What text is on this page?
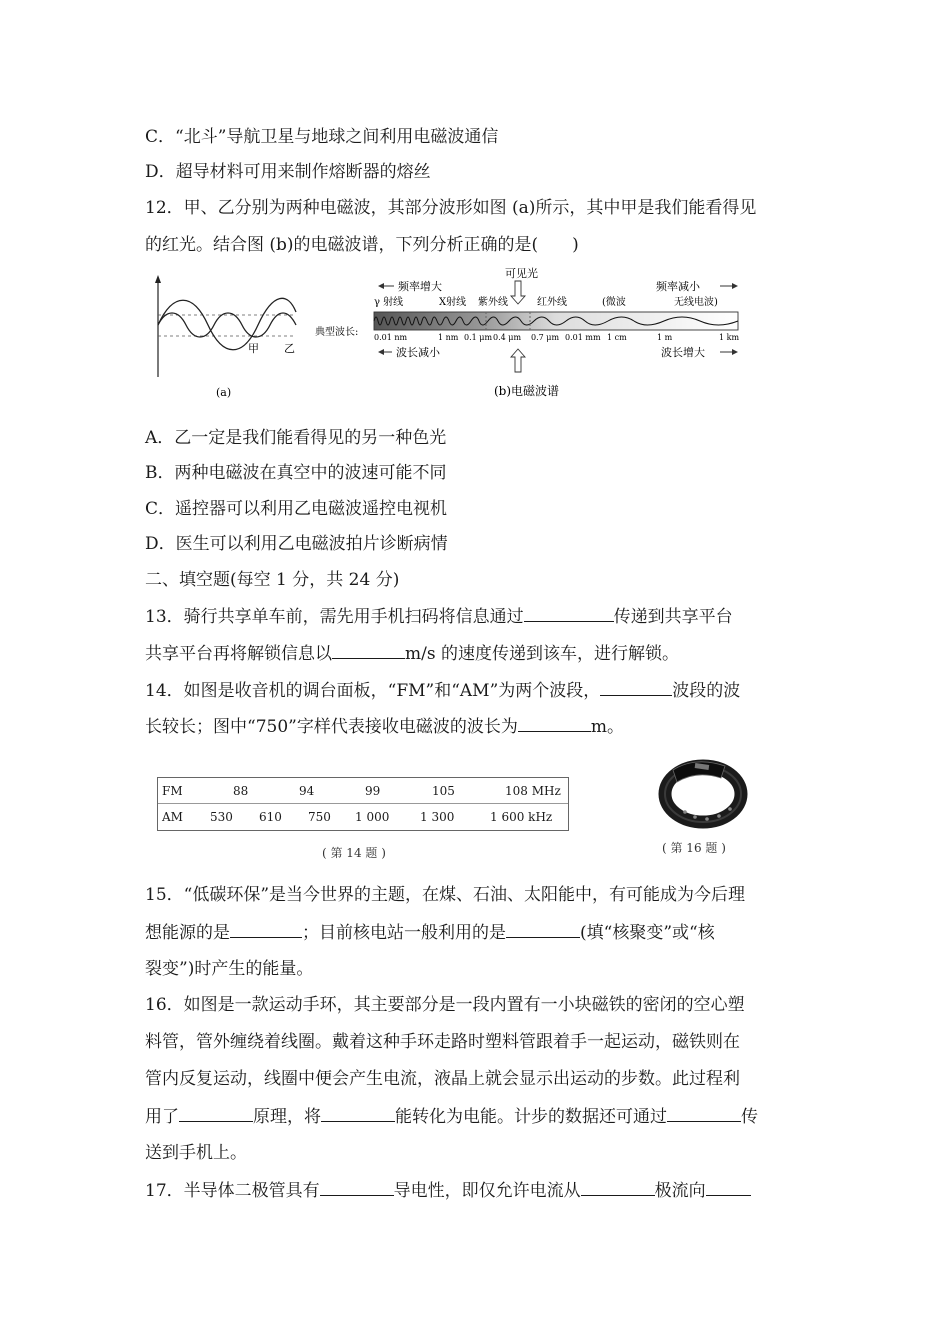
C．“北斗”导航卫星与地球之间利用电磁波通信
D．超导材料可用来制作熔断器的熔丝
12．甲、乙分别为两种电磁波，其部分波形如图 (a)所示，其中甲是我们能看得见
的红光。结合图 (b)的电磁波谱，下列分析正确的是(　　)
甲 乙
(a)
可见光
频率增大	频率减小
γ 射线	X射线 紫外线	红外线	(微波	无线电波)
典型波长: 0.01 nm	1 nm 0.1 μm 0.4 μm 0.7 μm 0.01 mm 1 cm	1 m	1 km
波长减小	波长增大
(b)电磁波谱
A．乙一定是我们能看得见的另一种色光
B．两种电磁波在真空中的波速可能不同
C．遥控器可以利用乙电磁波遥控电视机
D．医生可以利用乙电磁波拍片诊断病情
二、填空题(每空 1 分，共 24 分)
13．骑行共享单车前，需先用手机扫码将信息通过	传递到共享平台
共享平台再将解锁信息以	m/s 的速度传递到该车，进行解锁。
14．如图是收音机的调台面板，“FM”和“AM”为两个波段，	波段的波
长较长；图中“750”字样代表接收电磁波的波长为	m。
FM	88	94	99	105	108 MHz
AM 530 610 750 1 000	1 300	1 600 kHz
( 第 14 题 )	( 第 16 题 )
15．“低碳环保”是当今世界的主题，在煤、石油、太阳能中，有可能成为今后理
想能源的是	；目前核电站一般利用的是	(填“核聚变”或“核
裂变”)时产生的能量。
16．如图是一款运动手环，其主要部分是一段内置有一小块磁铁的密闭的空心塑
料管，管外缠绕着线圈。戴着这种手环走路时塑料管跟着手一起运动，磁铁则在
管内反复运动，线圈中便会产生电流，液晶上就会显示出运动的步数。此过程利
用了	原理，将	能转化为电能。计步的数据还可通过	传
送到手机上。
17．半导体二极管具有	导电性，即仅允许电流从	极流向
